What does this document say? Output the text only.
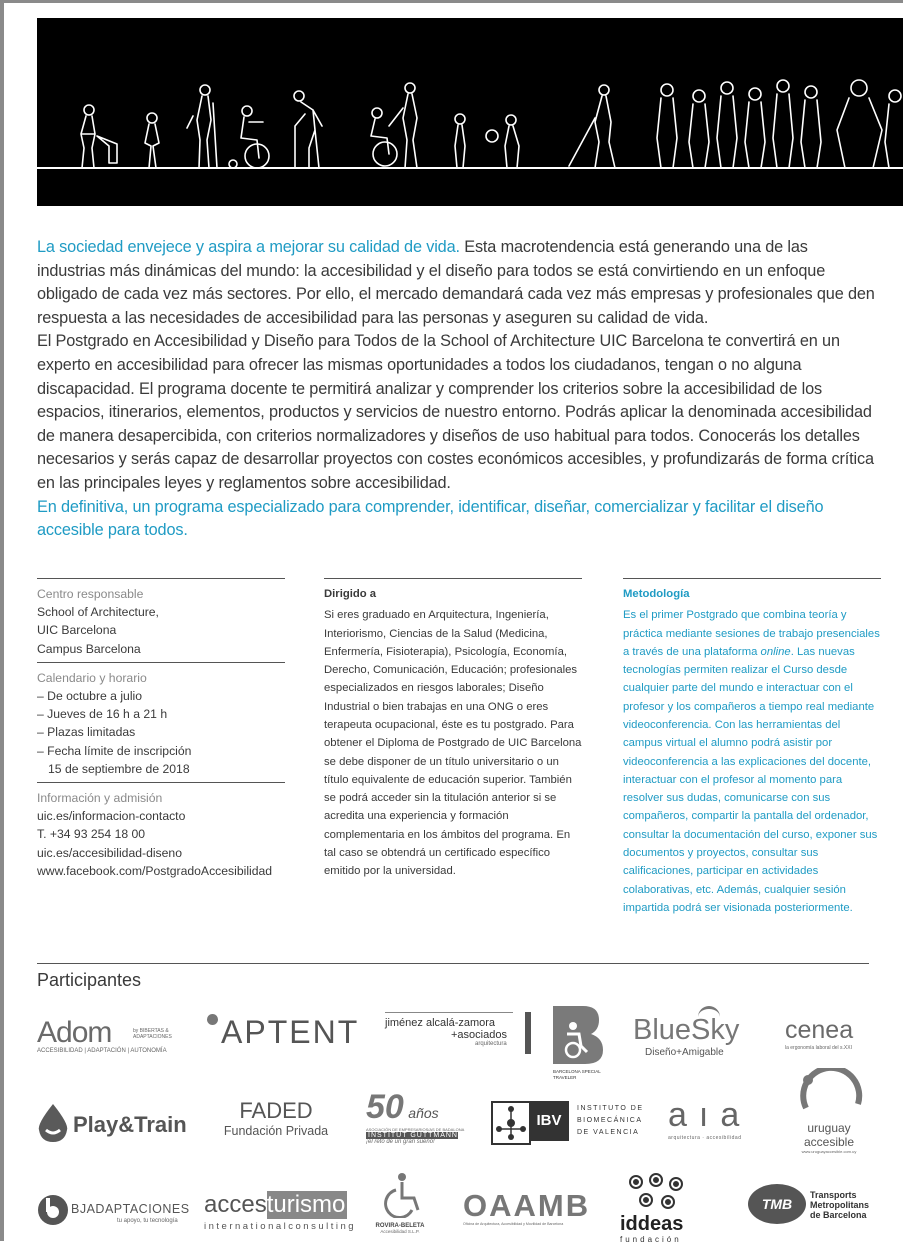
La sociedad envejece y aspira a mejorar su calidad de vida. Esta macrotendencia está generando una de las industrias más dinámicas del mundo: la accesibilidad y el diseño para todos se está convirtiendo en un enfoque obligado de cada vez más sectores. Por ello, el mercado demandará cada vez más empresas y profesionales que den respuesta a las necesidades de accesibilidad para las personas y aseguren su calidad de vida.

El Postgrado en Accesibilidad y Diseño para Todos de la School of Architecture UIC Barcelona te convertirá en un experto en accesibilidad para ofrecer las mismas oportunidades a todos los ciudadanos, tengan o no alguna discapacidad. El programa docente te permitirá analizar y comprender los criterios sobre la accesibilidad de los espacios, itinerarios, elementos, productos y servicios de nuestro entorno. Podrás aplicar la denominada accesibilidad de manera desapercibida, con criterios normalizadores y diseños de uso habitual para todos. Conocerás los detalles necesarios y serás capaz de desarrollar proyectos con costes económicos accesibles, y profundizarás de forma crítica en las principales leyes y reglamentos sobre accesibilidad.

En definitiva, un programa especializado para comprender, identificar, diseñar, comercializar y facilitar el diseño accesible para todos.

Centro responsable
School of Architecture,
UIC Barcelona
Campus Barcelona
Calendario y horario
– De octubre a julio
– Jueves de 16 h a 21 h
– Plazas limitadas
– Fecha límite de inscripción
15 de septiembre de 2018
Información y admisión
uic.es/informacion-contacto
T. +34 93 254 18 00
uic.es/accesibilidad-diseno
www.facebook.com/PostgradoAccesibilidad
Dirigido a

Si eres graduado en Arquitectura, Ingeniería, Interiorismo, Ciencias de la Salud (Medicina, Enfermería, Fisioterapia), Psicología, Economía, Derecho, Comunicación, Educación; profesionales especializados en riesgos laborales; Diseño Industrial o bien trabajas en una ONG o eres terapeuta ocupacional, éste es tu postgrado. Para obtener el Diploma de Postgrado de UIC Barcelona se debe disponer de un título universitario o un título equivalente de educación superior. También se podrá acceder sin la titulación anterior si se acredita una experiencia y formación complementaria en los ámbitos del programa. En tal caso se obtendrá un certificado específico emitido por la universidad.

Metodología

Es el primer Postgrado que combina teoría y práctica mediante sesiones de trabajo presenciales a través de una plataforma online. Las nuevas tecnologías permiten realizar el Curso desde cualquier parte del mundo e interactuar con el profesor y los compañeros a tiempo real mediante videoconferencia. Con las herramientas del campus virtual el alumno podrá asistir por videoconferencia a las explicaciones del docente, interactuar con el profesor al momento para resolver sus dudas, comunicarse con sus compañeros, compartir la pantalla del ordenador, consultar la documentación del curso, exponer sus documentos y proyectos, consultar sus calificaciones, participar en actividades colaborativas, etc. Además, cualquier sesión impartida podrá ser visionada posteriormente.

Participantes
Adom	by BIBERTAS & ADAPTACIONES
ACCESIBILIDAD | ADAPTACIÓN | AUTONOMÍA
APTENT jiménez alcalá-zamora
+asociados
arquitectura
BARCELONA SPECIAL TRAVELER
BlueSky
Diseño+Amigable
cenea
la ergonomía laboral del s.XXI
Play&Train
FADED
Fundación Privada
50 años
ASOCIACIÓN DE EMPRESARIOS/AS DE BADALONA
INSTITUT GUTTMANN
¡el reto de un gran sueño!
IBV
INSTITUTO DE
BIOMECÁNICA
DE VALENCIA aıa
arquitectura · accesibilidad
uruguay
accesible
www.uruguayaccesible.com.uy
BJADAPTACIONES
tu apoyo, tu tecnología
acces turismo
internationalconsulting	ROVIRA-BELETA
Accesibilidad S.L.P.
OAAMB
Oficina de Arquitectura, Accesibilidad y Movilidad de Barcelona	iddeas
fundación
TMB
Transports
Metropolitans
de Barcelona
